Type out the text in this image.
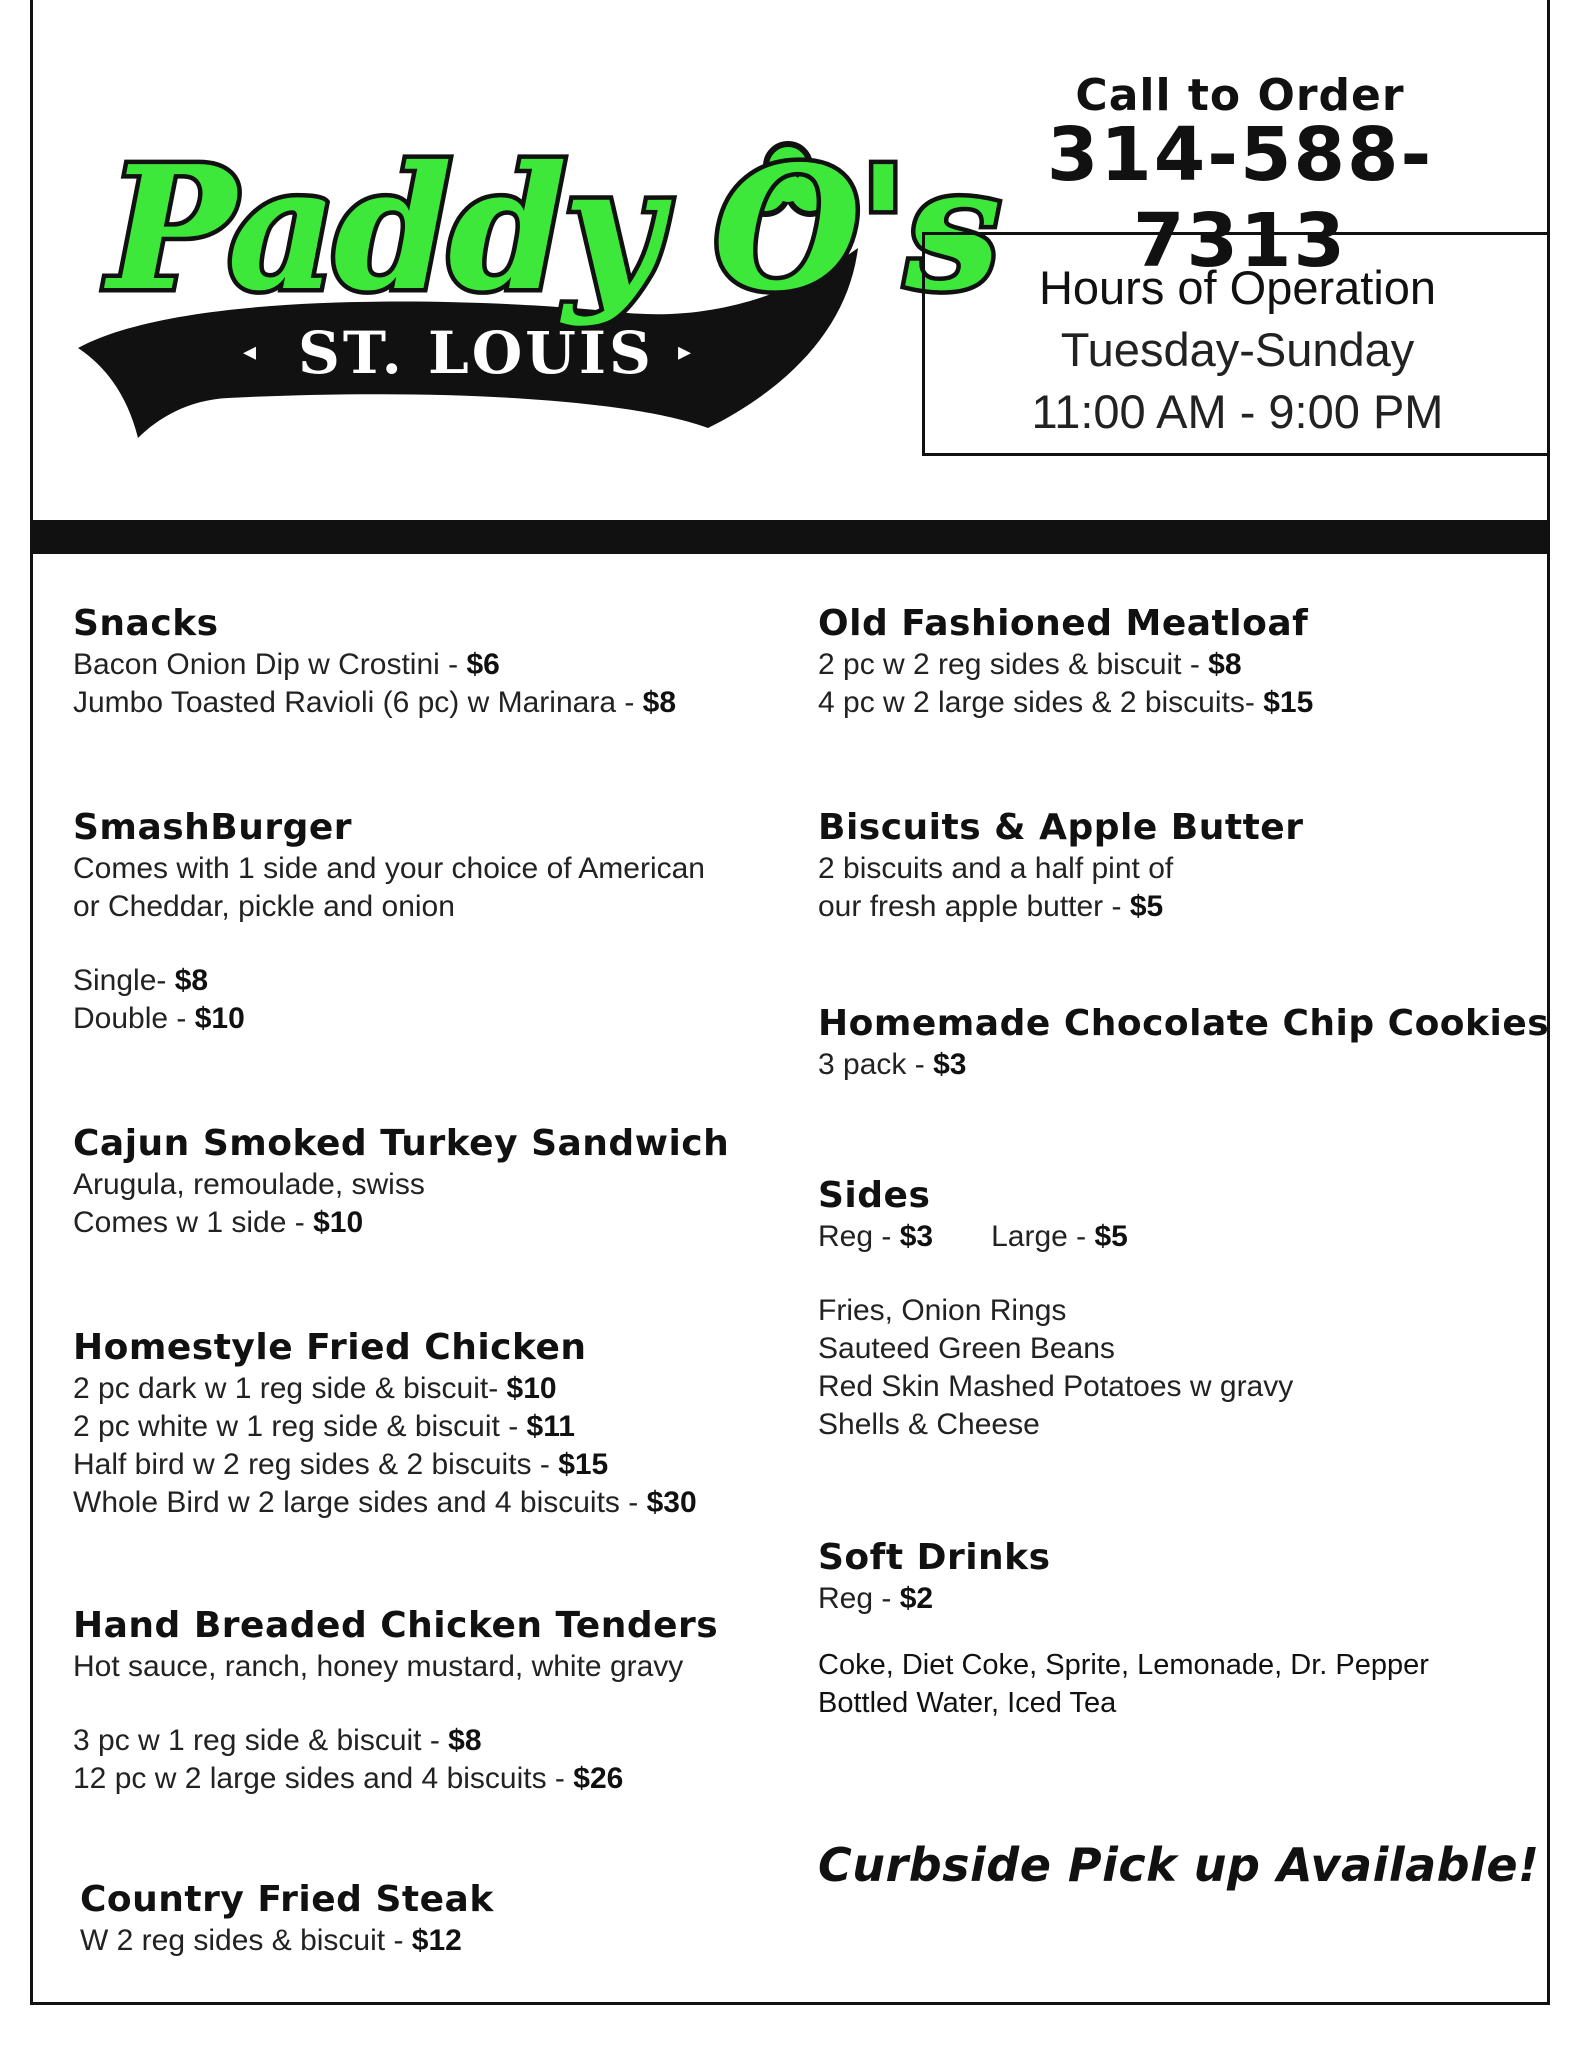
ST. LOUIS
◂	▸
Paddy O's
Call to Order
314-588-7313
Hours of Operation
Tuesday-Sunday
11:00 AM - 9:00 PM
Snacks
Bacon Onion Dip w Crostini - $6
Jumbo Toasted Ravioli (6 pc) w Marinara - $8
SmashBurger
Comes with 1 side and your choice of American
or Cheddar, pickle and onion
Single- $8
Double - $10
Cajun Smoked Turkey Sandwich
Arugula, remoulade, swiss
Comes w 1 side - $10
Homestyle Fried Chicken
2 pc dark w 1 reg side & biscuit- $10
2 pc white w 1 reg side & biscuit - $11
Half bird w 2 reg sides & 2 biscuits - $15
Whole Bird w 2 large sides and 4 biscuits - $30
Hand Breaded Chicken Tenders
Hot sauce, ranch, honey mustard, white gravy
3 pc w 1 reg side & biscuit - $8
12 pc w 2 large sides and 4 biscuits - $26
Country Fried Steak
W 2 reg sides & biscuit - $12
Old Fashioned Meatloaf
2 pc w 2 reg sides & biscuit - $8
4 pc w 2 large sides & 2 biscuits- $15
Biscuits & Apple Butter
2 biscuits and a half pint of
our fresh apple butter - $5
Homemade Chocolate Chip Cookies
3 pack - $3
Sides
Reg - $3 Large - $5
Fries, Onion Rings
Sauteed Green Beans
Red Skin Mashed Potatoes w gravy
Shells & Cheese
Soft Drinks
Reg - $2
Coke, Diet Coke, Sprite, Lemonade, Dr. Pepper
Bottled Water, Iced Tea
Curbside Pick up Available!
